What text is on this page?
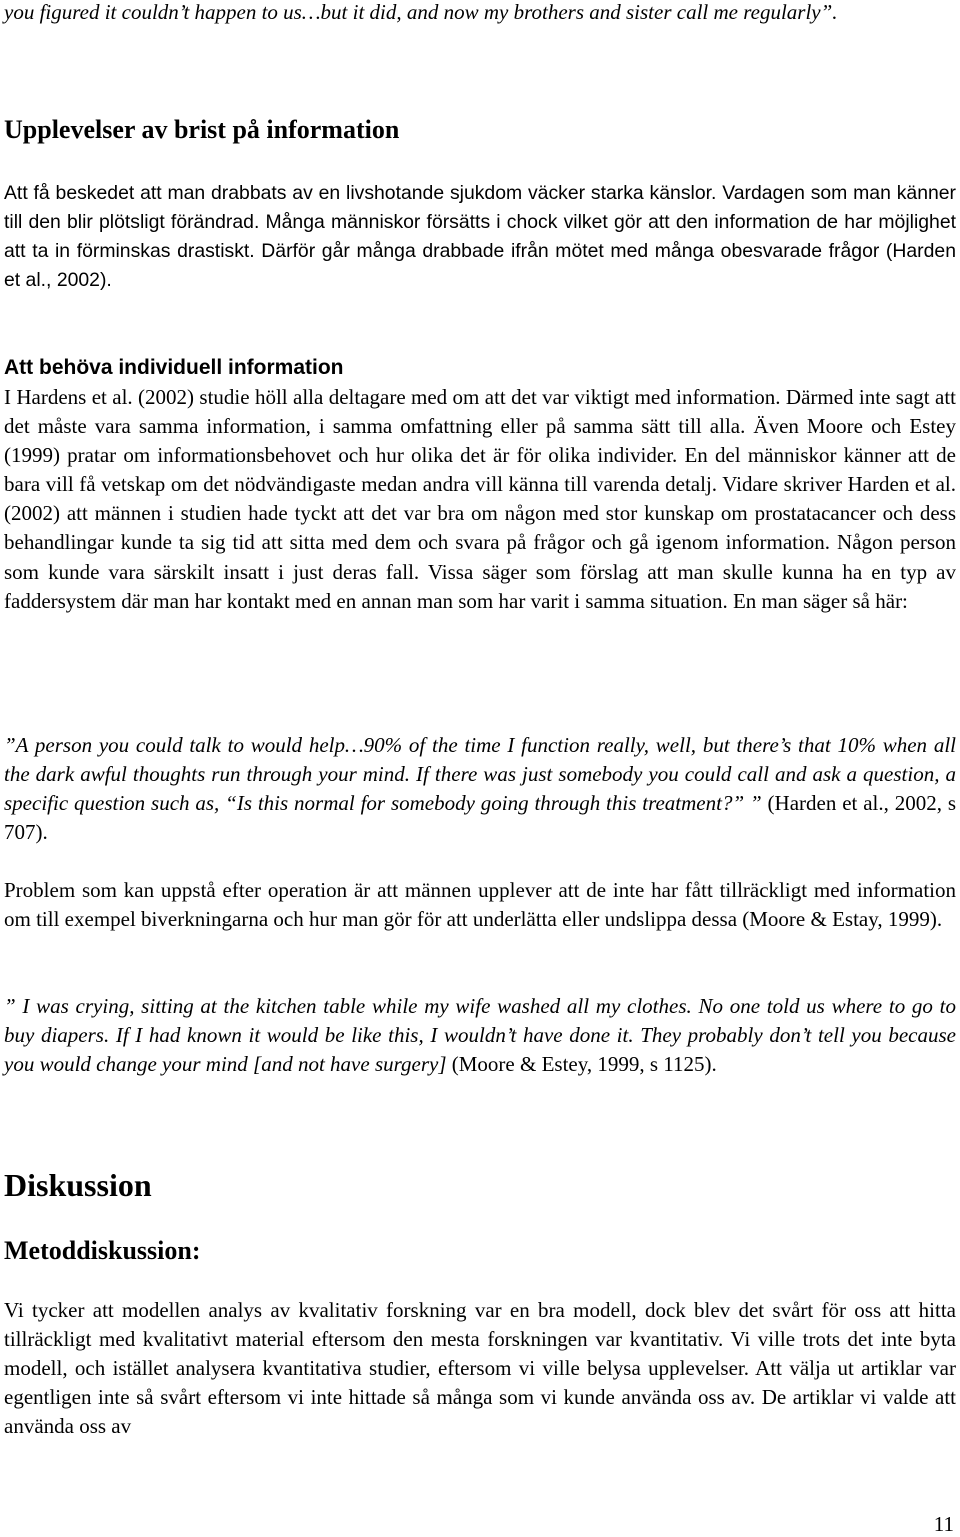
you figured it couldn’t happen to us…but it did, and now my brothers and sister call me regularly”.

Upplevelser av brist på information

Att få beskedet att man drabbats av en livshotande sjukdom väcker starka känslor. Vardagen som man känner till den blir plötsligt förändrad. Många människor försätts i chock vilket gör att den information de har möjlighet att ta in förminskas drastiskt. Därför går många drabbade ifrån mötet med många obesvarade frågor (Harden et al., 2002).

Att behöva individuell information

I Hardens et al. (2002) studie höll alla deltagare med om att det var viktigt med information. Därmed inte sagt att det måste vara samma information, i samma omfattning eller på samma sätt till alla. Även Moore och Estey (1999) pratar om informationsbehovet och hur olika det är för olika individer. En del människor känner att de bara vill få vetskap om det nödvändigaste medan andra vill känna till varenda detalj. Vidare skriver Harden et al. (2002) att männen i studien hade tyckt att det var bra om någon med stor kunskap om prostatacancer och dess behandlingar kunde ta sig tid att sitta med dem och svara på frågor och gå igenom information. Någon person som kunde vara särskilt insatt i just deras fall. Vissa säger som förslag att man skulle kunna ha en typ av faddersystem där man har kontakt med en annan man som har varit i samma situation. En man säger så här:

”A person you could talk to would help…90% of the time I function really, well, but there’s that 10% when all the dark awful thoughts run through your mind. If there was just somebody you could call and ask a question, a specific question such as, “Is this normal for somebody going through this treatment?” ” (Harden et al., 2002, s 707).

Problem som kan uppstå efter operation är att männen upplever att de inte har fått tillräckligt med information om till exempel biverkningarna och hur man gör för att underlätta eller undslippa dessa (Moore & Estay, 1999).

” I was crying, sitting at the kitchen table while my wife washed all my clothes. No one told us where to go to buy diapers. If I had known it would be like this, I wouldn’t have done it. They probably don’t tell you because you would change your mind [and not have surgery] (Moore & Estey, 1999, s 1125).

Diskussion
Metoddiskussion:

Vi tycker att modellen analys av kvalitativ forskning var en bra modell, dock blev det svårt för oss att hitta tillräckligt med kvalitativt material eftersom den mesta forskningen var kvantitativ. Vi ville trots det inte byta modell, och istället analysera kvantitativa studier, eftersom vi ville belysa upplevelser. Att välja ut artiklar var egentligen inte så svårt eftersom vi inte hittade så många som vi kunde använda oss av. De artiklar vi valde att använda oss av

11
